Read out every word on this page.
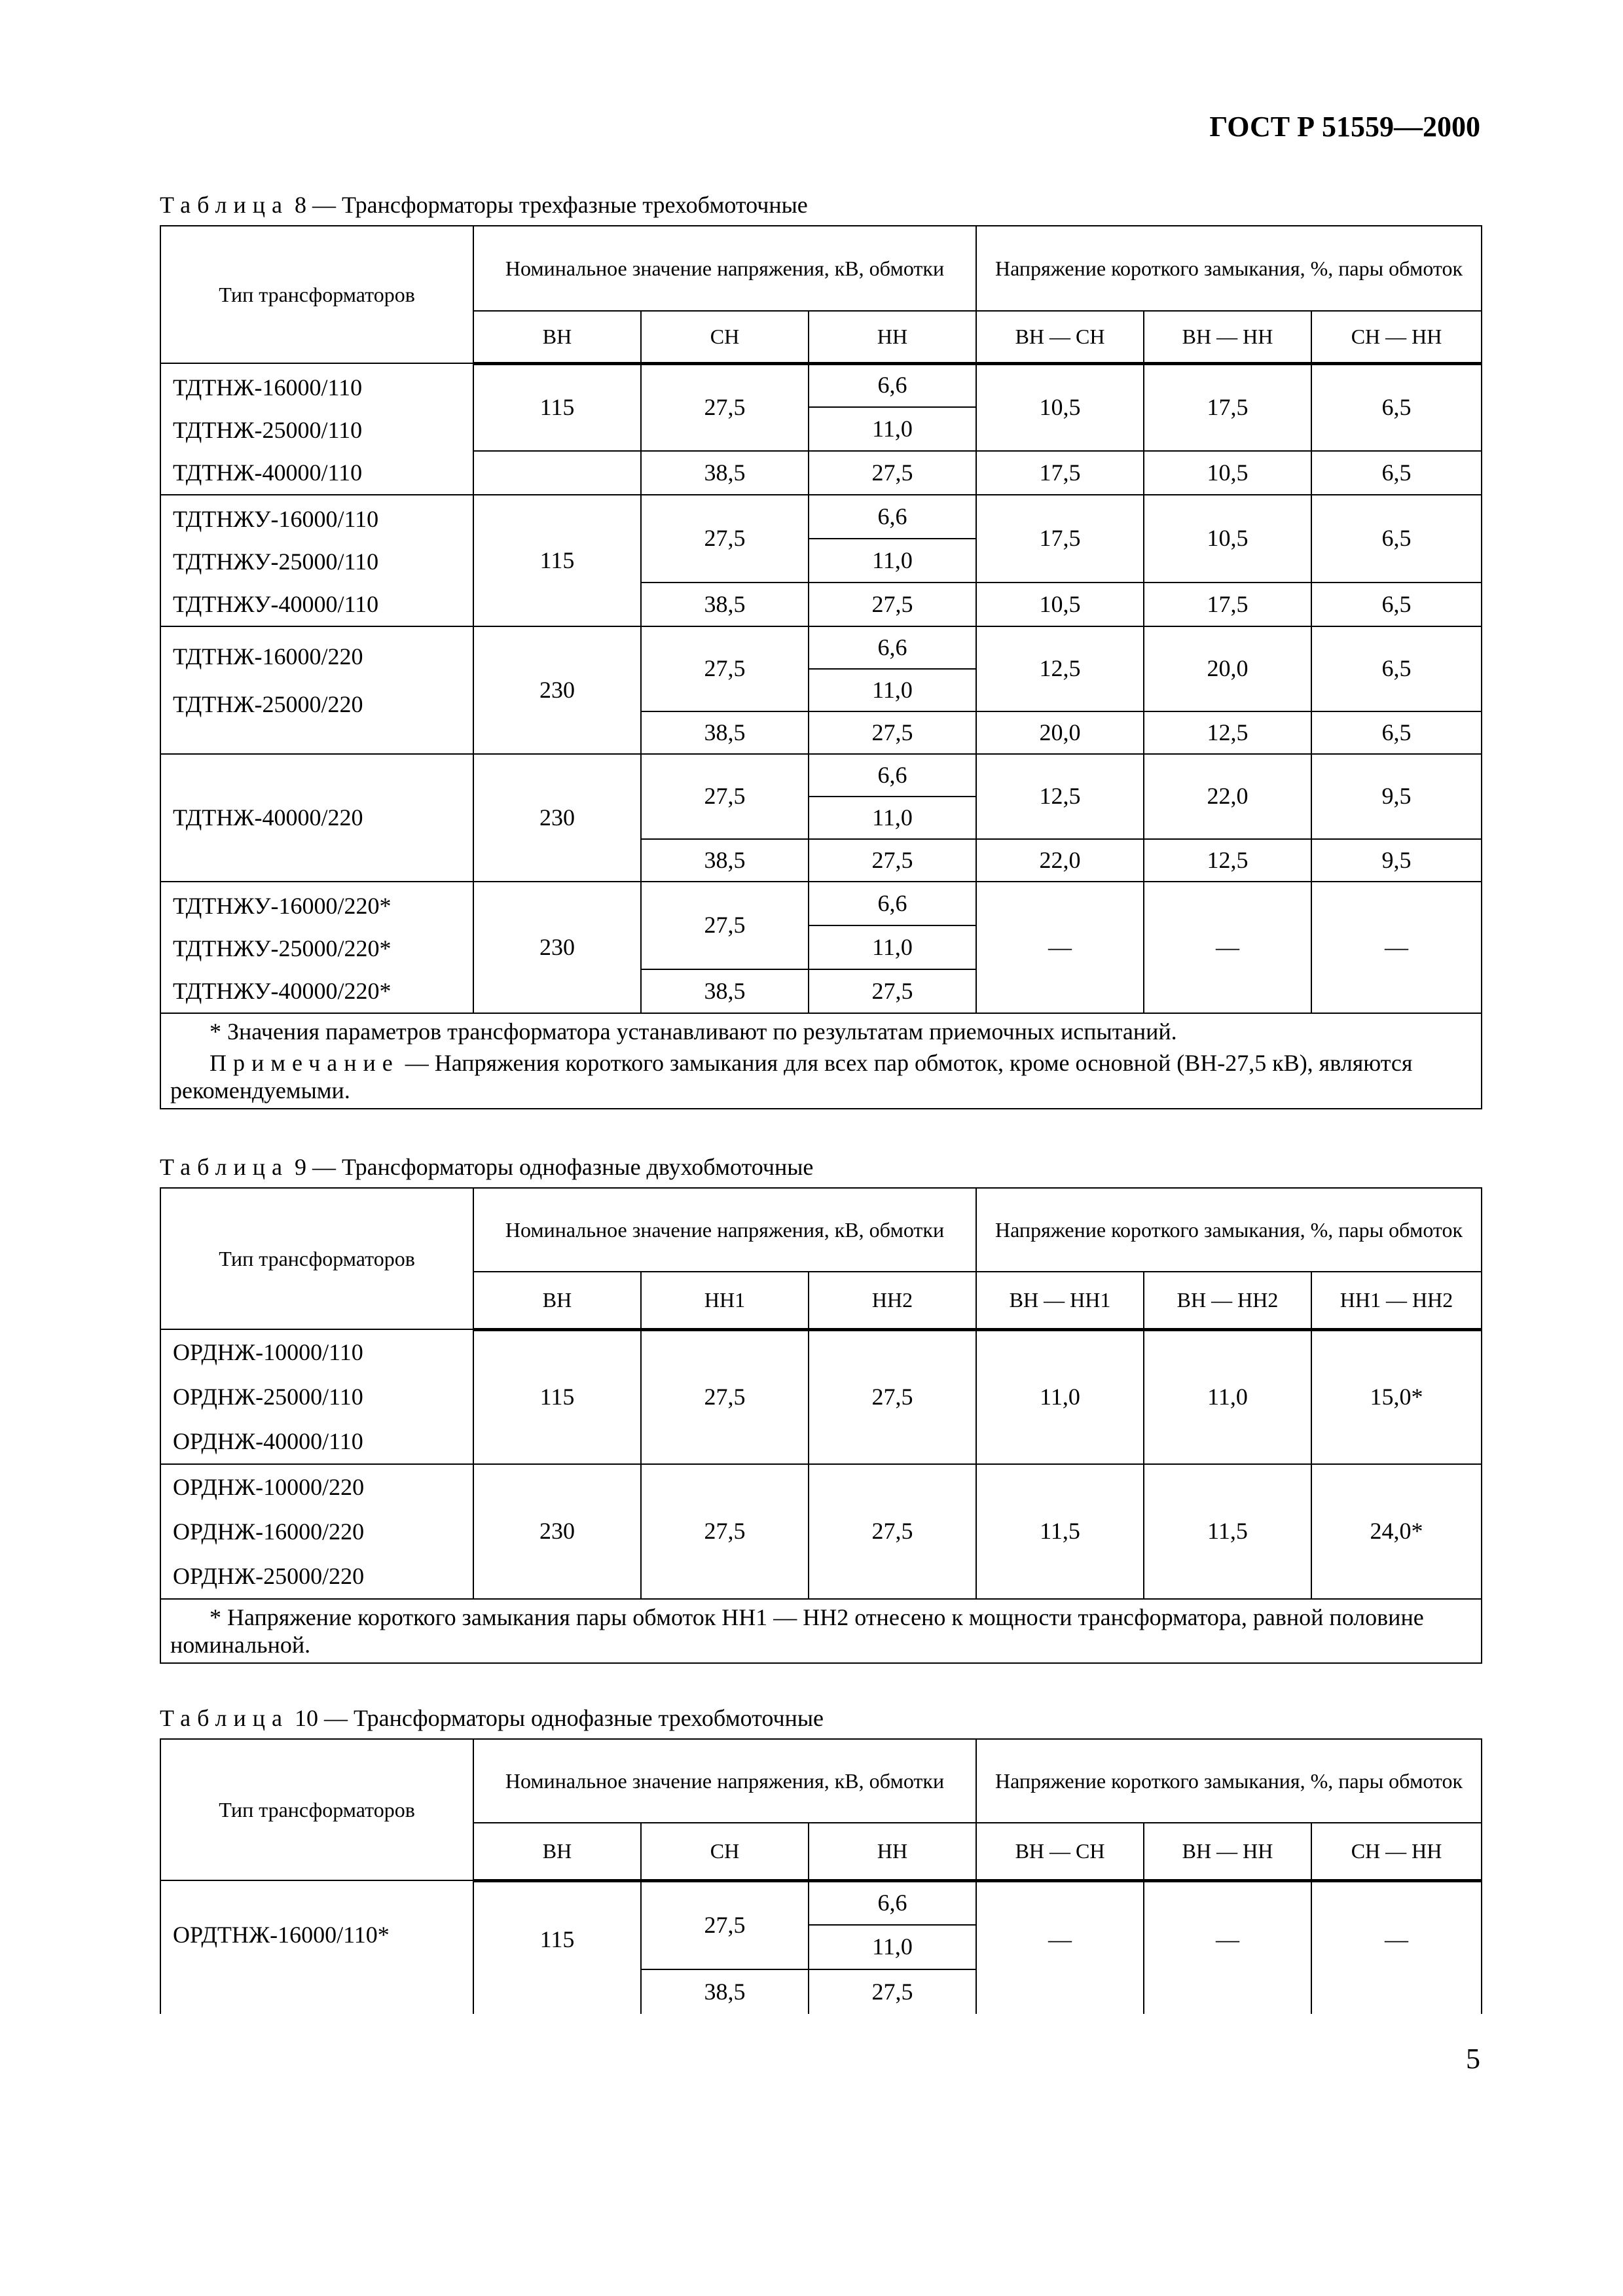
ГОСТ Р 51559—2000
Таблица 8 — Трансформаторы трехфазные трехобмоточные
Тип трансформаторов	Номинальное значение напряжения, кВ, обмотки			Напряжение короткого замыкания, %, пары обмоток		
	ВН	СН	НН	ВН — СН	ВН — НН	СН — НН

ТДТНЖ-16000/110
ТДТНЖ-25000/110
ТДТНЖ-40000/110	115	27,5	6,6	10,5	17,5	6,5
			11,0			
		38,5	27,5	17,5	10,5	6,5

ТДТНЖУ-16000/110
ТДТНЖУ-25000/110
ТДТНЖУ-40000/110	115	27,5	6,6	17,5	10,5	6,5
			11,0			
		38,5	27,5	10,5	17,5	6,5

ТДТНЖ-16000/220
ТДТНЖ-25000/220	230	27,5	6,6	12,5	20,0	6,5
			11,0			
		38,5	27,5	20,0	12,5	6,5

ТДТНЖ-40000/220	230	27,5	6,6	12,5	22,0	9,5
			11,0			
		38,5	27,5	22,0	12,5	9,5

ТДТНЖУ-16000/220*
ТДТНЖУ-25000/220*
ТДТНЖУ-40000/220*	230	27,5	6,6	—	—	—
			11,0			
		38,5	27,5			

* Значения параметров трансформатора устанавливают по результатам приемочных испытаний.
Примечание — Напряжения короткого замыкания для всех пар обмоток, кроме основной (ВН-27,5 кВ), являются рекомендуемыми.						
Таблица 9 — Трансформаторы однофазные двухобмоточные
Тип трансформаторов	Номинальное значение напряжения, кВ, обмотки			Напряжение короткого замыкания, %, пары обмоток		
	ВН	НН1	НН2	ВН — НН1	ВН — НН2	НН1 — НН2

ОРДНЖ-10000/110
ОРДНЖ-25000/110
ОРДНЖ-40000/110	115	27,5	27,5	11,0	11,0	15,0*

ОРДНЖ-10000/220
ОРДНЖ-16000/220
ОРДНЖ-25000/220	230	27,5	27,5	11,5	11,5	24,0*

* Напряжение короткого замыкания пары обмоток НН1 — НН2 отнесено к мощности трансформатора, равной половине номинальной.						
Таблица 10 — Трансформаторы однофазные трехобмоточные
Тип трансформаторов	Номинальное значение напряжения, кВ, обмотки			Напряжение короткого замыкания, %, пары обмоток		
	ВН	СН	НН	ВН — СН	ВН — НН	СН — НН

ОРДТНЖ-16000/110*	115	27,5	6,6	—	—	—
			11,0			
		38,5	27,5			
5
